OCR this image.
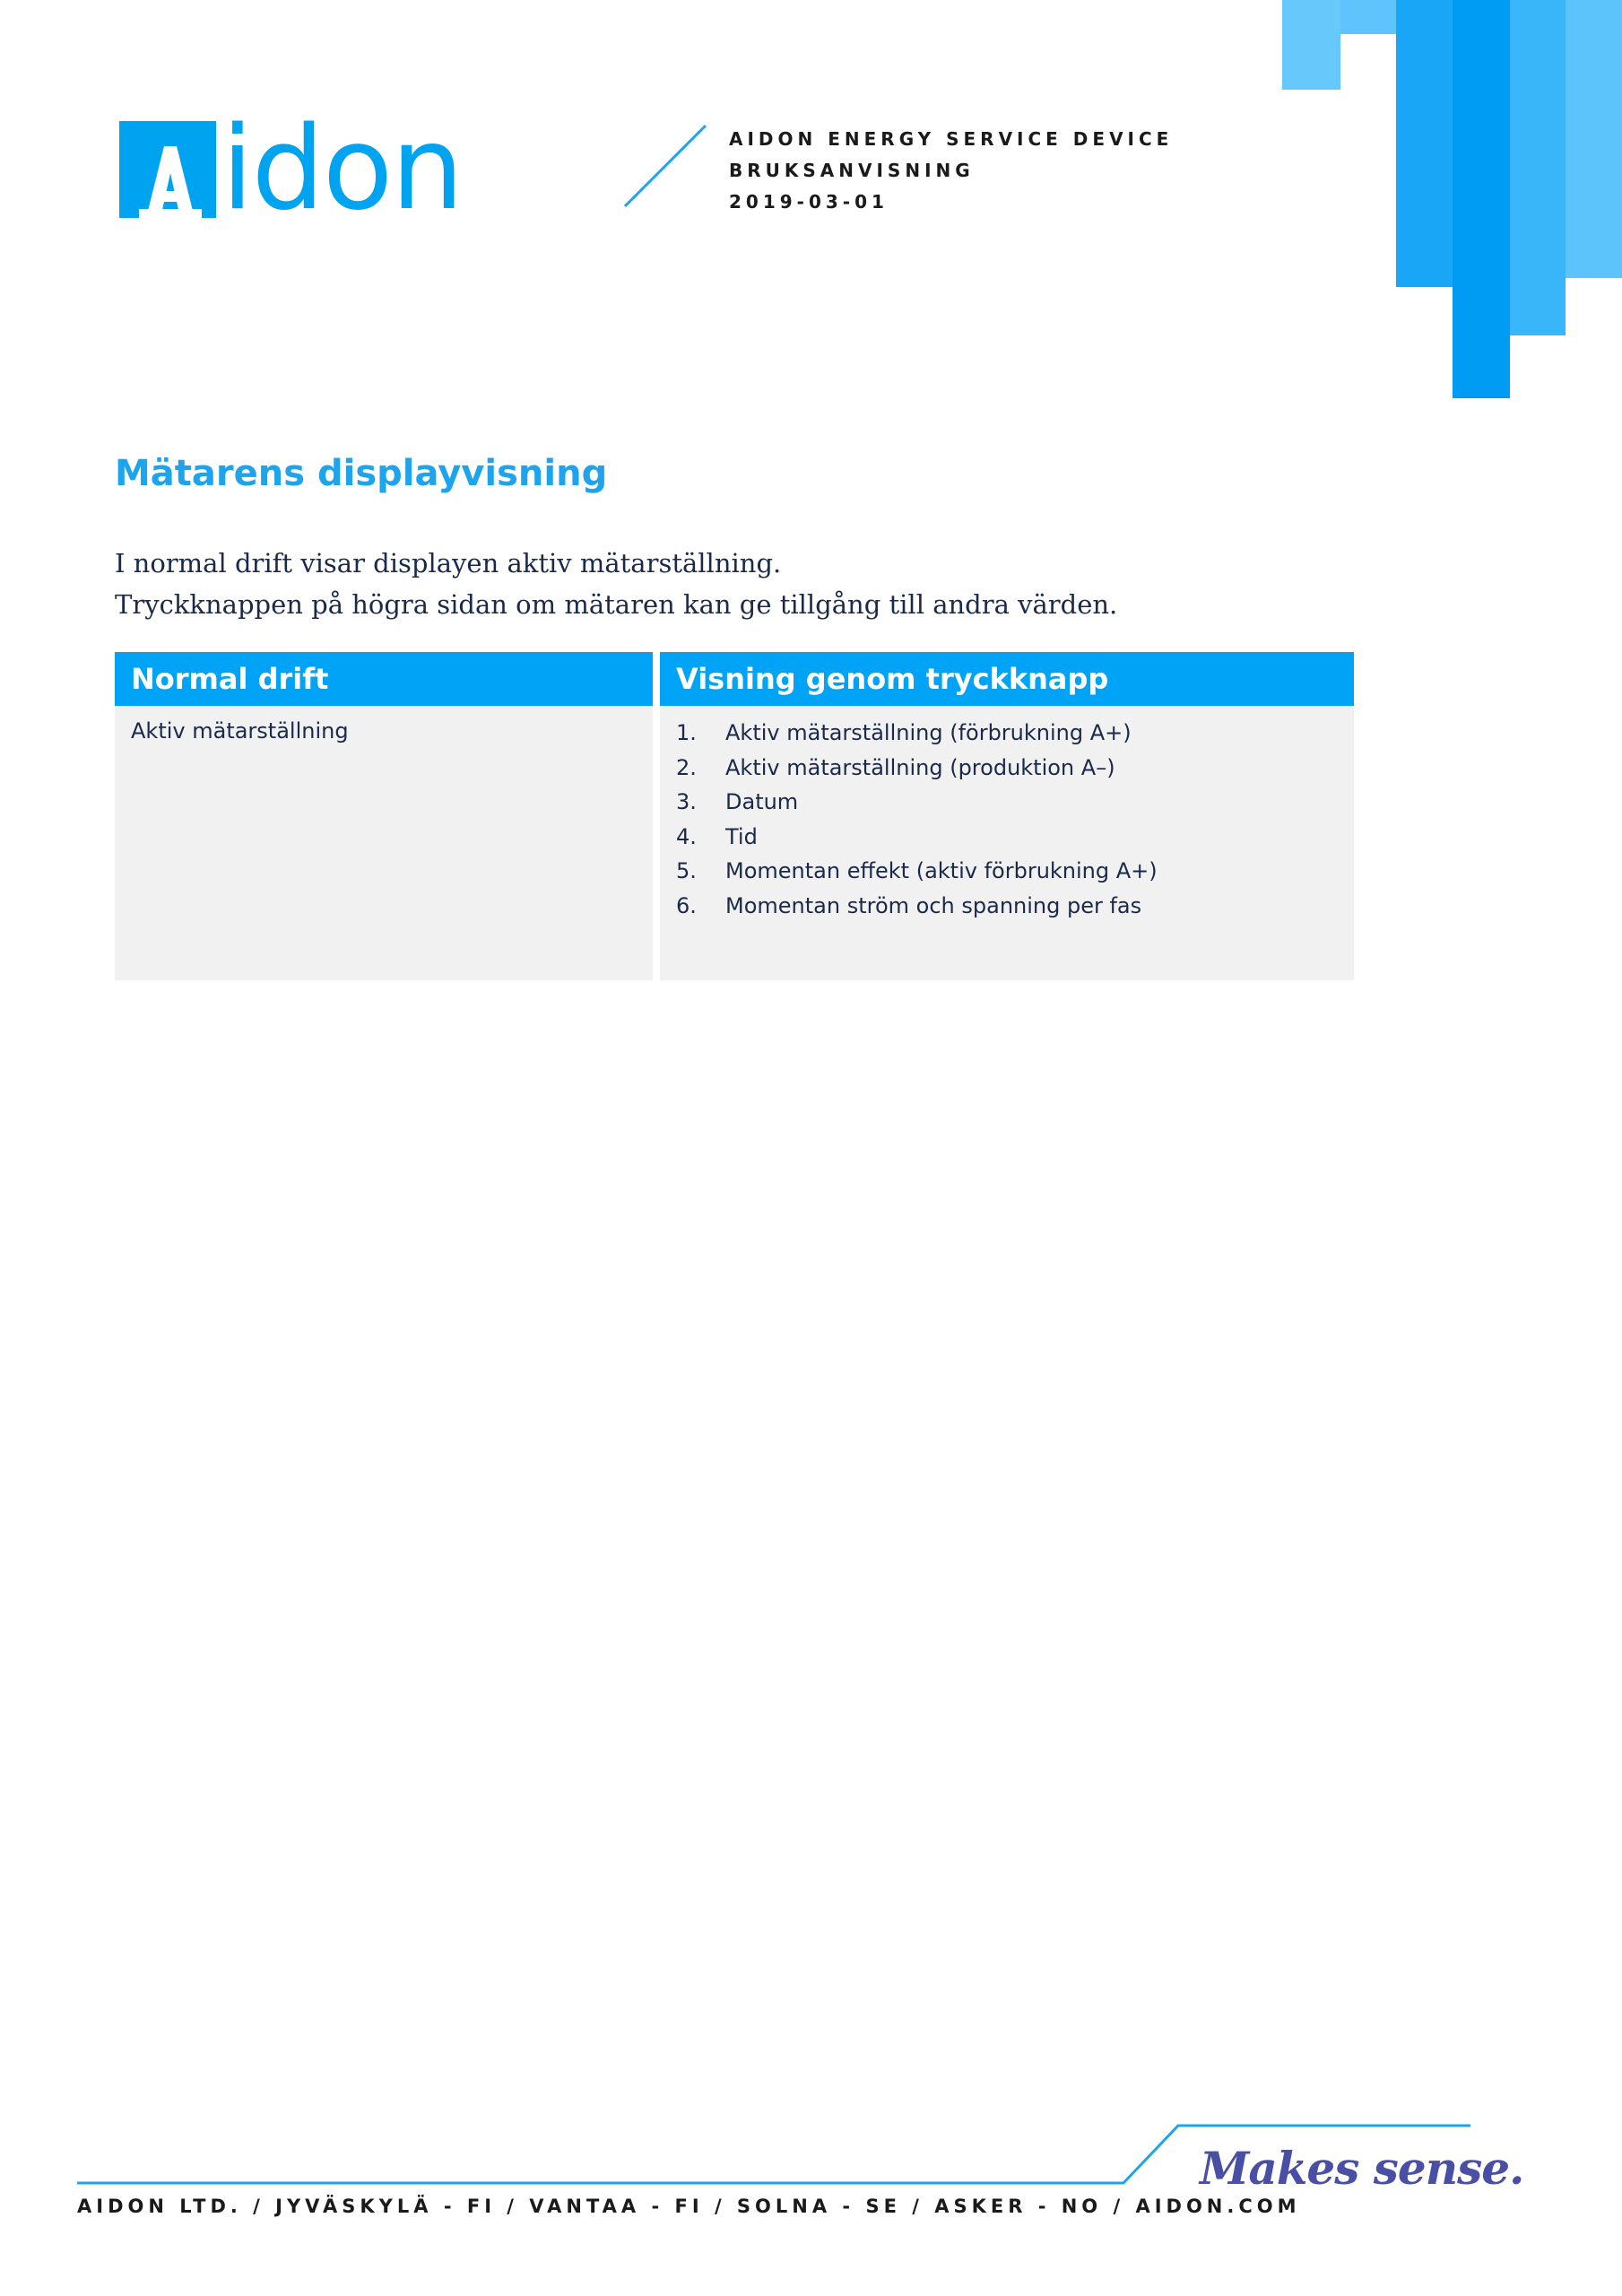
idon	AIDON ENERGY SERVICE DEVICE
BRUKSANVISNING
2019-03-01
Mätarens displayvisning

I normal drift visar displayen aktiv mätarställning.

Tryckknappen på högra sidan om mätaren kan ge tillgång till andra värden.

Normal drift	Visning genom tryckknapp
Aktiv mätarställning	1.	Aktiv mätarställning (förbrukning A+)
2.	Aktiv mätarställning (produktion A–)
3.	Datum
4.	Tid
5.	Momentan effekt (aktiv förbrukning A+)
6.	Momentan ström och spanning per fas
Makes sense.
AIDON LTD. / JYVÄSKYLÄ - FI / VANTAA - FI / SOLNA - SE / ASKER - NO / AIDON.COM
